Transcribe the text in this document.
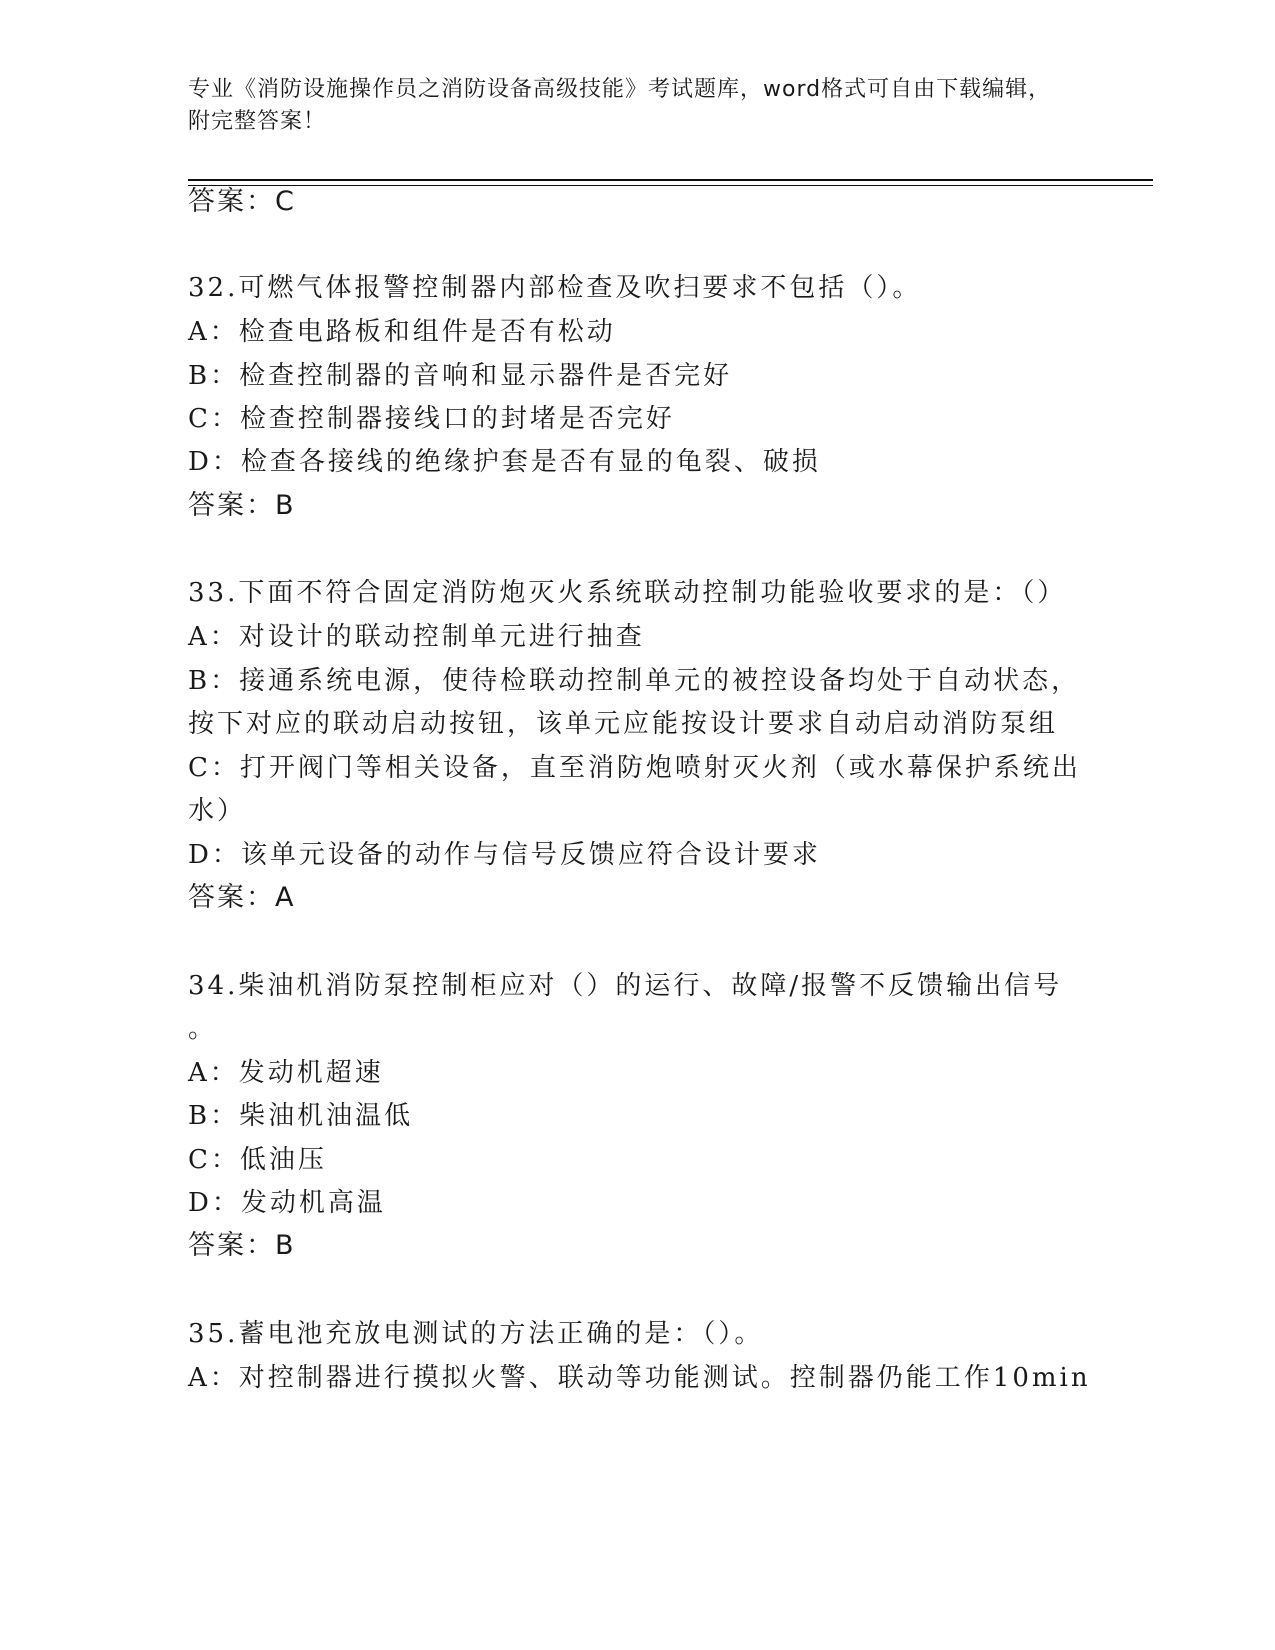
专业《消防设施操作员之消防设备高级技能》考试题库，word格式可自由下载编辑，附完整答案！
答案：C
32.可燃气体报警控制器内部检查及吹扫要求不包括（）。
A：检查电路板和组件是否有松动
B：检查控制器的音响和显示器件是否完好
C：检查控制器接线口的封堵是否完好
D：检查各接线的绝缘护套是否有显的龟裂、破损
答案：B
33.下面不符合固定消防炮灭火系统联动控制功能验收要求的是：（）
A：对设计的联动控制单元进行抽查
B：接通系统电源，使待检联动控制单元的被控设备均处于自动状态，
按下对应的联动启动按钮，该单元应能按设计要求自动启动消防泵组
C：打开阀门等相关设备，直至消防炮喷射灭火剂（或水幕保护系统出
水）
D：该单元设备的动作与信号反馈应符合设计要求
答案：A
34.柴油机消防泵控制柜应对（）的运行、故障/报警不反馈输出信号
。
A：发动机超速
B：柴油机油温低
C：低油压
D：发动机高温
答案：B
35.蓄电池充放电测试的方法正确的是：（）。
A：对控制器进行摸拟火警、联动等功能测试。控制器仍能工作10min
